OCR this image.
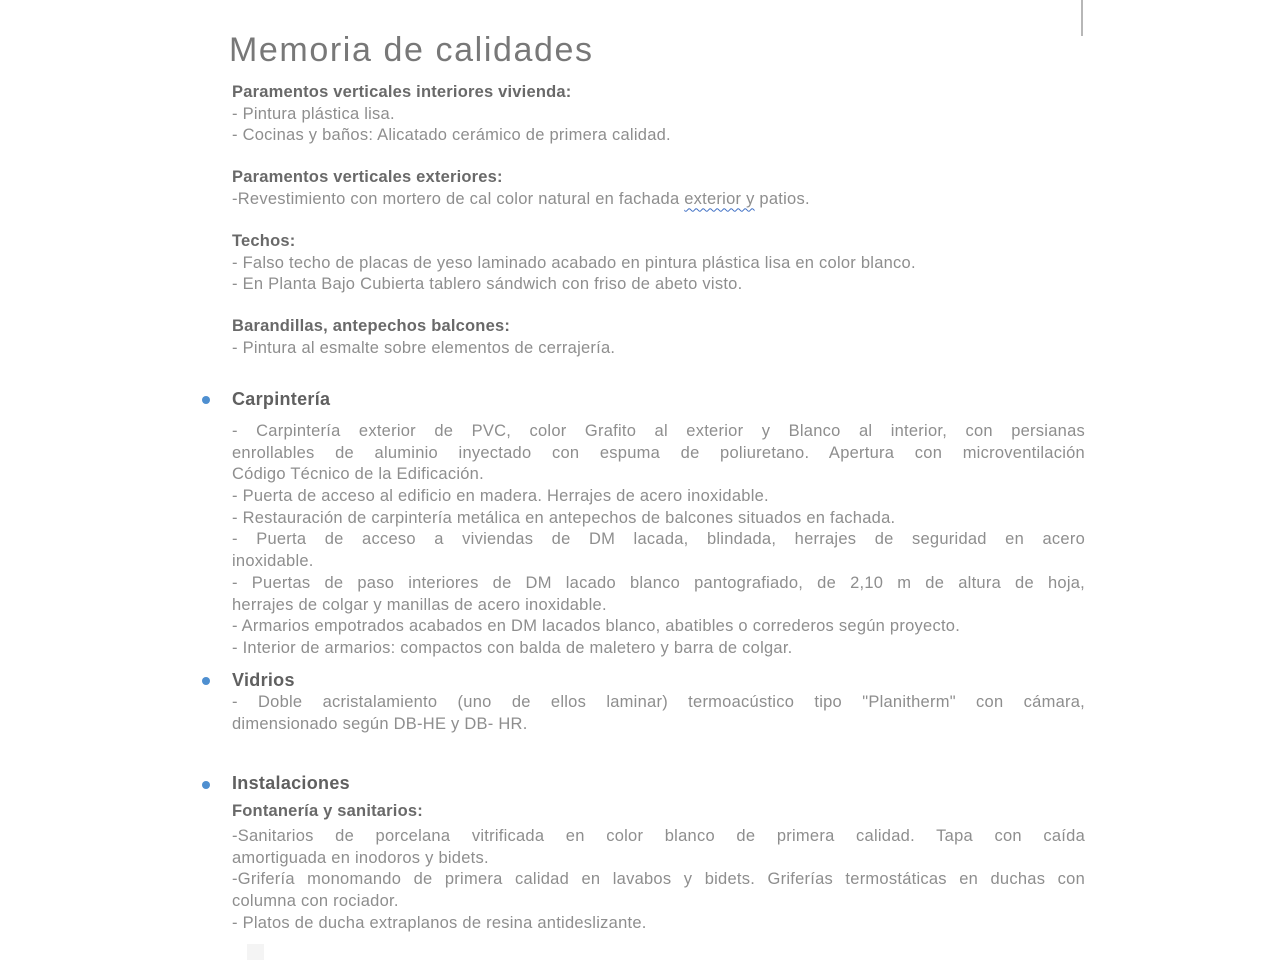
Memoria de calidades
Paramentos verticales interiores vivienda:
- Pintura plástica lisa.
- Cocinas y baños: Alicatado cerámico de primera calidad.
Paramentos verticales exteriores:
-Revestimiento con mortero de cal color natural en fachada exterior y patios.
Techos:
- Falso techo de placas de yeso laminado acabado en pintura plástica lisa en color blanco.
- En Planta Bajo Cubierta tablero sándwich con friso de abeto visto.
Barandillas, antepechos balcones:
- Pintura al esmalte sobre elementos de cerrajería.
Carpintería
- Carpintería exterior de PVC, color Grafito al exterior y Blanco al interior, con persianas
enrollables de aluminio inyectado con espuma de poliuretano. Apertura con microventilación
Código Técnico de la Edificación.
- Puerta de acceso al edificio en madera. Herrajes de acero inoxidable.
- Restauración de carpintería metálica en antepechos de balcones situados en fachada.
- Puerta de acceso a viviendas de DM lacada, blindada, herrajes de seguridad en acero
inoxidable.
- Puertas de paso interiores de DM lacado blanco pantografiado, de 2,10 m de altura de hoja,
herrajes de colgar y manillas de acero inoxidable.
- Armarios empotrados acabados en DM lacados blanco, abatibles o correderos según proyecto.
- Interior de armarios: compactos con balda de maletero y barra de colgar.
Vidrios
- Doble acristalamiento (uno de ellos laminar) termoacústico tipo "Planitherm" con cámara,
dimensionado según DB-HE y DB- HR.
Instalaciones
Fontanería y sanitarios:
-Sanitarios de porcelana vitrificada en color blanco de primera calidad. Tapa con caída
amortiguada en inodoros y bidets.
-Grifería monomando de primera calidad en lavabos y bidets. Griferías termostáticas en duchas con
columna con rociador.
- Platos de ducha extraplanos de resina antideslizante.
